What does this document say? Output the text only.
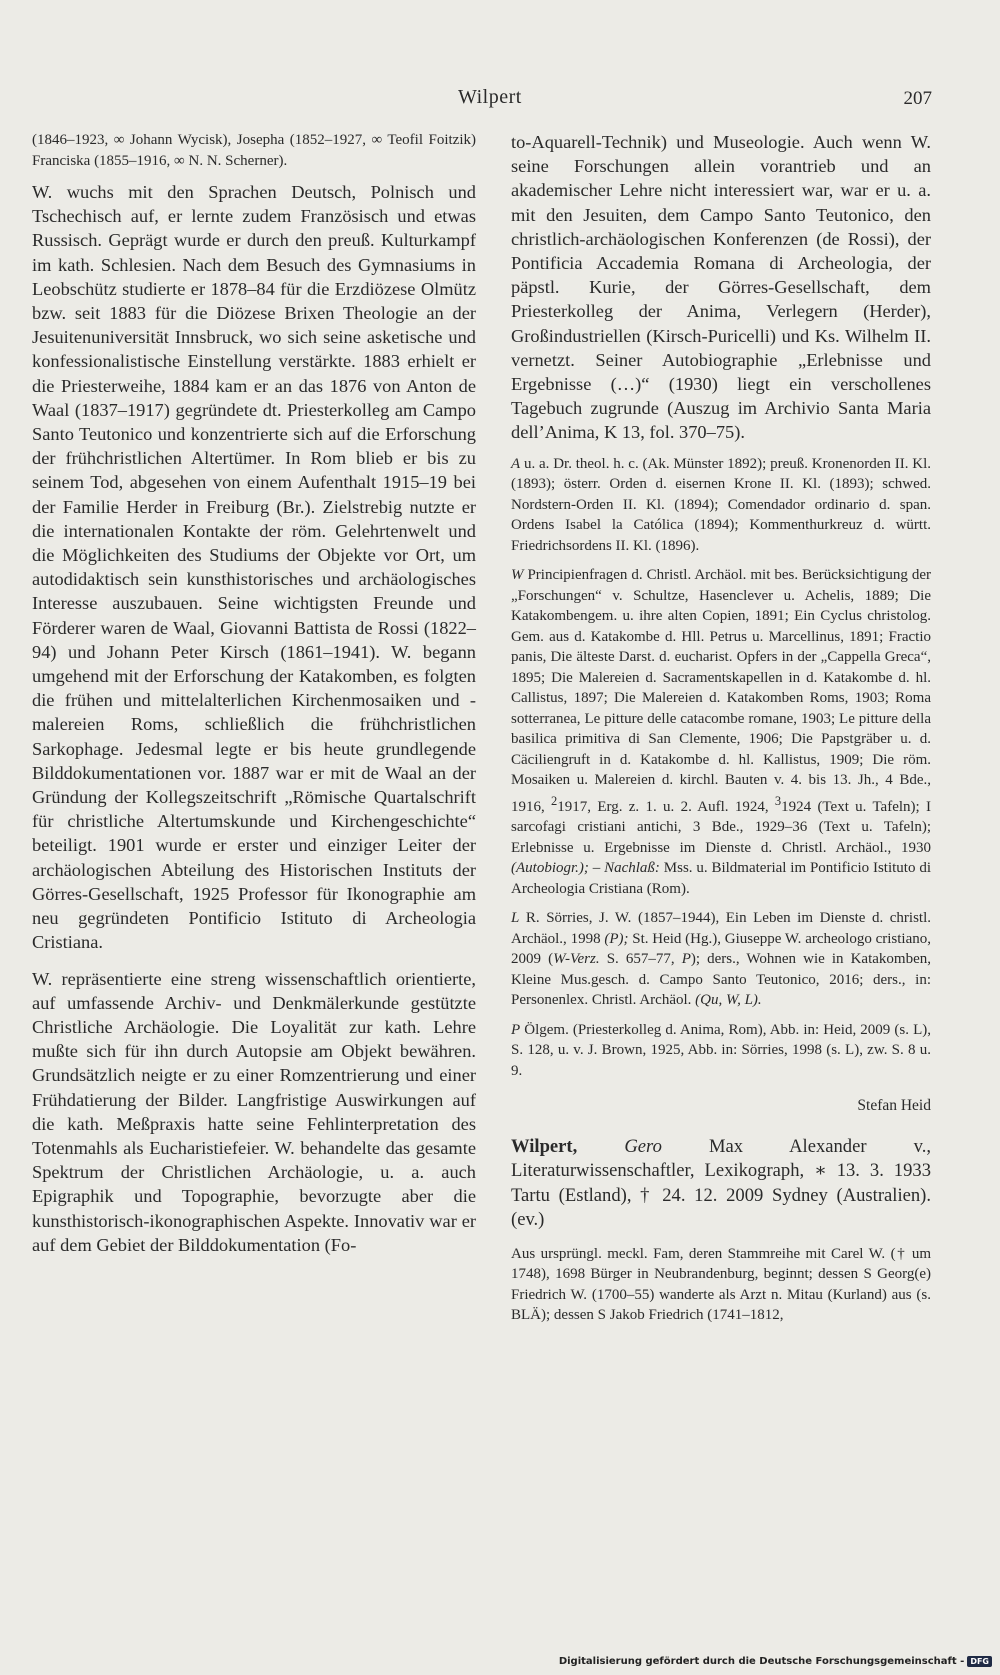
Wilpert	207

(1846–1923, ∞ Johann Wycisk), Josepha (1852–1927, ∞ Teofil Foitzik) Franciska (1855–1916, ∞ N. N. Scherner).

W. wuchs mit den Sprachen Deutsch, Polnisch und Tschechisch auf, er lernte zudem Französisch und etwas Russisch. Geprägt wurde er durch den preuß. Kulturkampf im kath. Schlesien. Nach dem Besuch des Gymnasiums in Leobschütz studierte er 1878–84 für die Erzdiözese Olmütz bzw. seit 1883 für die Diözese Brixen Theologie an der Jesuitenuniversität Innsbruck, wo sich seine asketische und konfessionalistische Einstellung verstärkte. 1883 erhielt er die Priesterweihe, 1884 kam er an das 1876 von Anton de Waal (1837–1917) gegründete dt. Priesterkolleg am Campo Santo Teutonico und konzentrierte sich auf die Erforschung der frühchristlichen Altertümer. In Rom blieb er bis zu seinem Tod, abgesehen von einem Aufenthalt 1915–19 bei der Familie Herder in Freiburg (Br.). Zielstrebig nutzte er die internationalen Kontakte der röm. Gelehrtenwelt und die Möglichkeiten des Studiums der Objekte vor Ort, um autodidaktisch sein kunsthistorisches und archäologisches Interesse auszubauen. Seine wichtigsten Freunde und Förderer waren de Waal, Giovanni Battista de Rossi (1822–94) und Johann Peter Kirsch (1861–1941). W. begann umgehend mit der Erforschung der Katakomben, es folgten die frühen und mittelalterlichen Kirchenmosaiken und -malereien Roms, schließlich die frühchristlichen Sarkophage. Jedesmal legte er bis heute grundlegende Bilddokumentationen vor. 1887 war er mit de Waal an der Gründung der Kollegszeitschrift „Römische Quartalschrift für christliche Altertumskunde und Kirchengeschichte“ beteiligt. 1901 wurde er erster und einziger Leiter der archäologischen Abteilung des Historischen Instituts der Görres-Gesellschaft, 1925 Professor für Ikonographie am neu gegründeten Pontificio Istituto di Archeologia Cristiana.

W. repräsentierte eine streng wissenschaftlich orientierte, auf umfassende Archiv- und Denkmälerkunde gestützte Christliche Archäologie. Die Loyalität zur kath. Lehre mußte sich für ihn durch Autopsie am Objekt bewähren. Grundsätzlich neigte er zu einer Romzentrierung und einer Frühdatierung der Bilder. Langfristige Auswirkungen auf die kath. Meßpraxis hatte seine Fehlinterpretation des Totenmahls als Eucharistiefeier. W. behandelte das gesamte Spektrum der Christlichen Archäologie, u. a. auch Epigraphik und Topographie, bevorzugte aber die kunsthistorisch-ikonographischen Aspekte. Innovativ war er auf dem Gebiet der Bilddokumentation (Fo-

to-Aquarell-Technik) und Museologie. Auch wenn W. seine Forschungen allein vorantrieb und an akademischer Lehre nicht interessiert war, war er u. a. mit den Jesuiten, dem Campo Santo Teutonico, den christlich-archäologischen Konferenzen (de Rossi), der Pontificia Accademia Romana di Archeologia, der päpstl. Kurie, der Görres-Gesellschaft, dem Priesterkolleg der Anima, Verlegern (Herder), Großindustriellen (Kirsch-Puricelli) und Ks. Wilhelm II. vernetzt. Seiner Autobiographie „Erlebnisse und Ergebnisse (…)“ (1930) liegt ein verschollenes Tagebuch zugrunde (Auszug im Archivio Santa Maria dell’Anima, K 13, fol. 370–75).

A u. a. Dr. theol. h. c. (Ak. Münster 1892); preuß. Kronenorden II. Kl. (1893); österr. Orden d. eisernen Krone II. Kl. (1893); schwed. Nordstern-Orden II. Kl. (1894); Comendador ordinario d. span. Ordens Isabel la Católica (1894); Kommenthurkreuz d. württ. Friedrichsordens II. Kl. (1896).

W Principienfragen d. Christl. Archäol. mit bes. Berücksichtigung der „Forschungen“ v. Schultze, Hasenclever u. Achelis, 1889; Die Katakombengem. u. ihre alten Copien, 1891; Ein Cyclus christolog. Gem. aus d. Katakombe d. Hll. Petrus u. Marcellinus, 1891; Fractio panis, Die älteste Darst. d. eucharist. Opfers in der „Cappella Greca“, 1895; Die Malereien d. Sacramentskapellen in d. Katakombe d. hl. Callistus, 1897; Die Malereien d. Katakomben Roms, 1903; Roma sotterranea, Le pitture delle catacombe romane, 1903; Le pitture della basilica primitiva di San Clemente, 1906; Die Papstgräber u. d. Cäciliengruft in d. Katakombe d. hl. Kallistus, 1909; Die röm. Mosaiken u. Malereien d. kirchl. Bauten v. 4. bis 13. Jh., 4 Bde., 1916, $^2$1917, Erg. z. 1. u. 2. Aufl. 1924, $^3$1924 (Text u. Tafeln); I sarcofagi cristiani antichi, 3 Bde., 1929–36 (Text u. Tafeln); Erlebnisse u. Ergebnisse im Dienste d. Christl. Archäol., 1930 (Autobiogr.); – Nachlaß: Mss. u. Bildmaterial im Pontificio Istituto di Archeologia Cristiana (Rom).

L R. Sörries, J. W. (1857–1944), Ein Leben im Dienste d. christl. Archäol., 1998 (P); St. Heid (Hg.), Giuseppe W. archeologo cristiano, 2009 (W-Verz. S. 657–77, P); ders., Wohnen wie in Katakomben, Kleine Mus.gesch. d. Campo Santo Teutonico, 2016; ders., in: Personenlex. Christl. Archäol. (Qu, W, L).

P Ölgem. (Priesterkolleg d. Anima, Rom), Abb. in: Heid, 2009 (s. L), S. 128, u. v. J. Brown, 1925, Abb. in: Sörries, 1998 (s. L), zw. S. 8 u. 9.

Stefan Heid

Wilpert,	Gero Max Alexander v., Literaturwissenschaftler, Lexikograph, ∗ 13. 3. 1933 Tartu (Estland), † 24. 12. 2009 Sydney (Australien). (ev.)

Aus ursprüngl. meckl. Fam, deren Stammreihe mit Carel W. († um 1748), 1698 Bürger in Neubrandenburg, beginnt; dessen S Georg(e) Friedrich W. (1700–55) wanderte als Arzt n. Mitau (Kurland) aus (s. BLÄ); dessen S Jakob Friedrich (1741–1812,

Digitalisierung gefördert durch die Deutsche Forschungsgemeinschaft - DFG
